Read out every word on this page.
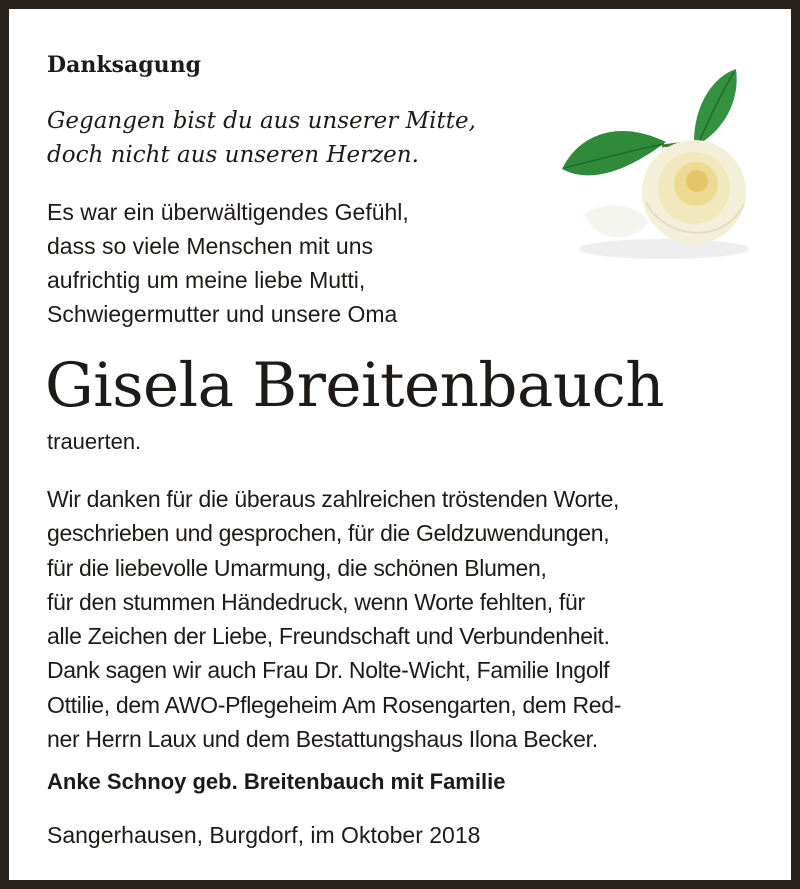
Danksagung
Gegangen bist du aus unserer Mitte,
doch nicht aus unseren Herzen.
Es war ein überwältigendes Gefühl,
dass so viele Menschen mit uns
aufrichtig um meine liebe Mutti,
Schwiegermutter und unsere Oma
Gisela Breitenbauch
trauerten.
Wir danken für die überaus zahlreichen tröstenden Worte,
geschrieben und gesprochen, für die Geldzuwendungen,
für die liebevolle Umarmung, die schönen Blumen,
für den stummen Händedruck, wenn Worte fehlten, für
alle Zeichen der Liebe, Freundschaft und Verbundenheit.
Dank sagen wir auch Frau Dr. Nolte-Wicht, Familie Ingolf
Ottilie, dem AWO-Pflegeheim Am Rosengarten, dem Red-
ner Herrn Laux und dem Bestattungshaus Ilona Becker.
Anke Schnoy geb. Breitenbauch mit Familie
Sangerhausen, Burgdorf, im Oktober 2018
